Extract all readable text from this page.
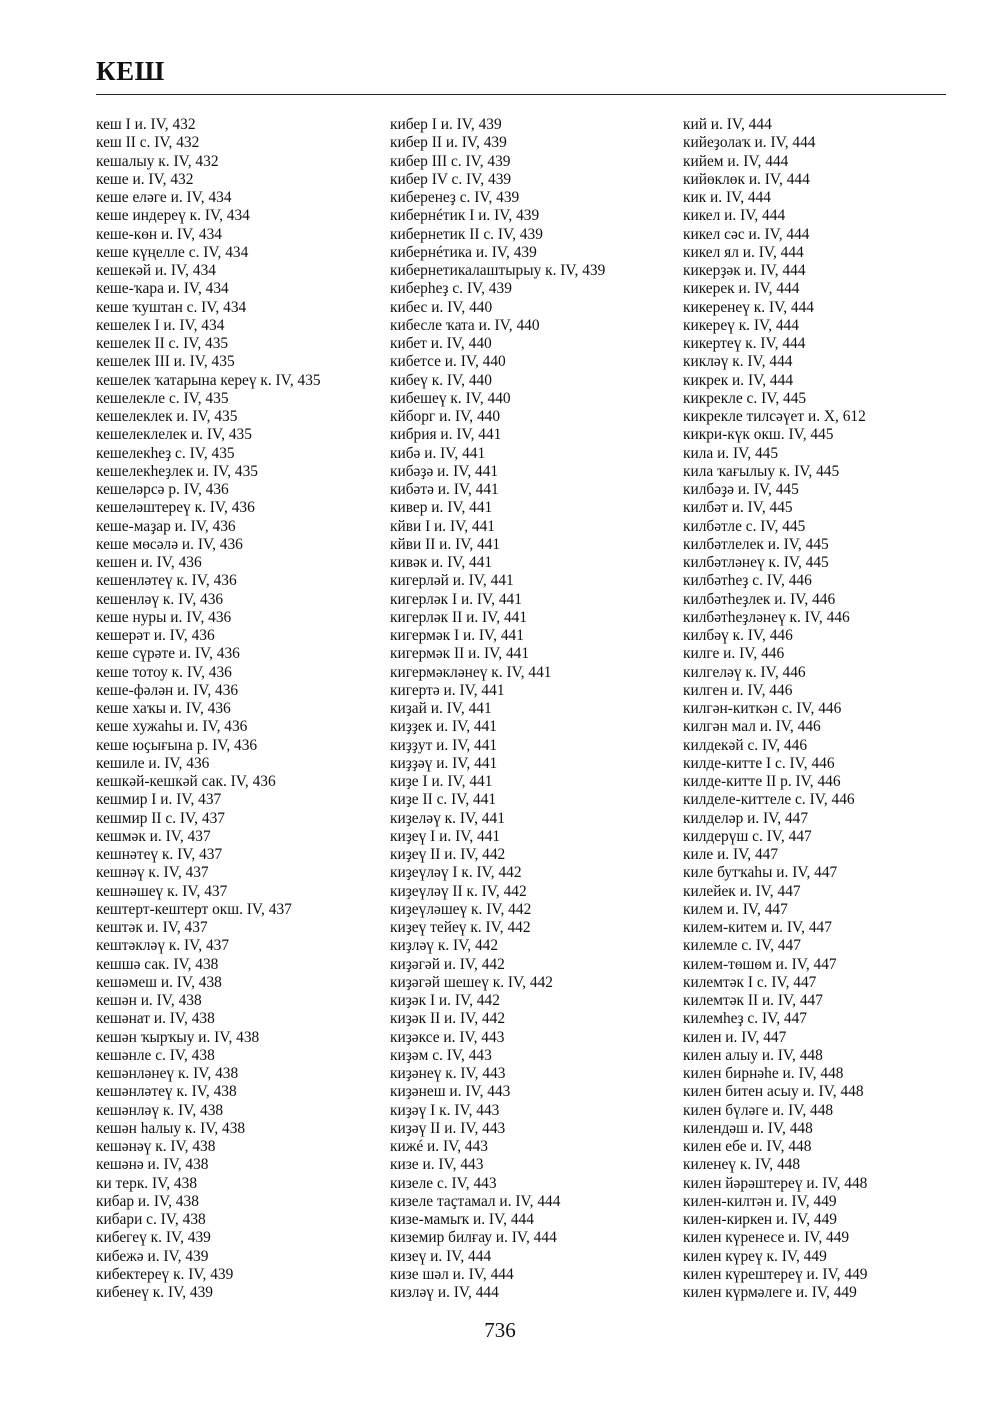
КЕШ
кеш I и. IV, 432
кеш II с. IV, 432
кешалыу к. IV, 432
кеше и. IV, 432
кеше еләге и. IV, 434
кеше индереү к. IV, 434
кеше-көн и. IV, 434
кеше күңелле с. IV, 434
кешекәй и. IV, 434
кеше-ҡара и. IV, 434
кеше ҡуштан с. IV, 434
кешелек I и. IV, 434
кешелек II с. IV, 435
кешелек III и. IV, 435
кешелек ҡатарына кереү к. IV, 435
кешелекле с. IV, 435
кешелеклек и. IV, 435
кешелеклелек и. IV, 435
кешелекһеҙ с. IV, 435
кешелекһеҙлек и. IV, 435
кешеләрсә р. IV, 436
кешеләштереү к. IV, 436
кеше-маҙар и. IV, 436
кеше мөсәлә и. IV, 436
кешен и. IV, 436
кешенләтеү к. IV, 436
кешенләү к. IV, 436
кеше нуры и. IV, 436
кешерәт и. IV, 436
кеше сүрәте и. IV, 436
кеше тотоу к. IV, 436
кеше-фәлән и. IV, 436
кеше хаҡы и. IV, 436
кеше хужаһы и. IV, 436
кеше юҫығына р. IV, 436
кешиле и. IV, 436
кешкәй-кешкәй сак. IV, 436
кешмир I и. IV, 437
кешмир II с. IV, 437
кешмәк и. IV, 437
кешнәтеү к. IV, 437
кешнәү к. IV, 437
кешнәшеү к. IV, 437
кештерт-кештерт окш. IV, 437
кештәк и. IV, 437
кештәкләү к. IV, 437
кешшә сак. IV, 438
кешәмеш и. IV, 438
кешән и. IV, 438
кешәнат и. IV, 438
кешән ҡырҡыу и. IV, 438
кешәнле с. IV, 438
кешәнләнеү к. IV, 438
кешәнләтеү к. IV, 438
кешәнләү к. IV, 438
кешән һалыу к. IV, 438
кешәнәү к. IV, 438
кешәнә и. IV, 438
ки терк. IV, 438
кибар и. IV, 438
кибари с. IV, 438
кибегеү к. IV, 439
кибежә и. IV, 439
кибектереү к. IV, 439
кибенеү к. IV, 439
кибер I и. IV, 439
кибер II и. IV, 439
кибер III с. IV, 439
кибер IV с. IV, 439
киберенеҙ с. IV, 439
кибернéтик I и. IV, 439
кибернетик II с. IV, 439
кибернéтика и. IV, 439
кибернетикалаштырыу к. IV, 439
киберһеҙ с. IV, 439
кибес и. IV, 440
кибесле ҡата и. IV, 440
кибет и. IV, 440
кибетсе и. IV, 440
кибеү к. IV, 440
кибешеү к. IV, 440
кйборг и. IV, 440
кибрия и. IV, 441
кибә и. IV, 441
кибәҙә и. IV, 441
кибәтә и. IV, 441
кивер и. IV, 441
кйви I и. IV, 441
кйви II и. IV, 441
кивәк и. IV, 441
кигерләй и. IV, 441
кигерләк I и. IV, 441
кигерләк II и. IV, 441
кигермәк I и. IV, 441
кигермәк II и. IV, 441
кигермәкләнеү к. IV, 441
кигертә и. IV, 441
киҙай и. IV, 441
киҙҙек и. IV, 441
киҙҙут и. IV, 441
киҙҙәү и. IV, 441
киҙе I и. IV, 441
киҙе II с. IV, 441
киҙеләү к. IV, 441
киҙеү I и. IV, 441
киҙеү II и. IV, 442
киҙеүләү I к. IV, 442
киҙеүләү II к. IV, 442
киҙеүләшеү к. IV, 442
киҙеү тейеү к. IV, 442
киҙләү к. IV, 442
киҙәгәй и. IV, 442
киҙәгәй шешеү к. IV, 442
киҙәк I и. IV, 442
киҙәк II и. IV, 442
киҙәксе и. IV, 443
киҙәм с. IV, 443
киҙәнеү к. IV, 443
киҙәнеш и. IV, 443
киҙәү I к. IV, 443
киҙәү II и. IV, 443
кижé и. IV, 443
кизе и. IV, 443
кизеле с. IV, 443
кизеле таҫтамал и. IV, 444
кизе-мамыҡ и. IV, 444
киземир билғау и. IV, 444
кизеү и. IV, 444
кизе шәл и. IV, 444
кизләү и. IV, 444
кий и. IV, 444
кийеҙолаҡ и. IV, 444
кийем и. IV, 444
кийөклөк и. IV, 444
кик и. IV, 444
кикел и. IV, 444
кикел сәс и. IV, 444
кикел ял и. IV, 444
кикерҙәк и. IV, 444
кикерек и. IV, 444
кикеренеү к. IV, 444
кикереү к. IV, 444
кикертеү к. IV, 444
кикләү к. IV, 444
кикрек и. IV, 444
кикрекле с. IV, 445
кикрекле тилсәүет и. X, 612
кикри-күк окш. IV, 445
кила и. IV, 445
кила ҡағылыу к. IV, 445
килбәҙә и. IV, 445
килбәт и. IV, 445
килбәтле с. IV, 445
килбәтлелек и. IV, 445
килбәтләнеү к. IV, 445
килбәтһеҙ с. IV, 446
килбәтһеҙлек и. IV, 446
килбәтһеҙләнеү к. IV, 446
килбәү к. IV, 446
килге и. IV, 446
килгеләү к. IV, 446
килген и. IV, 446
килгән-киткән с. IV, 446
килгән мал и. IV, 446
килдекәй с. IV, 446
килде-китте I с. IV, 446
килде-китте II р. IV, 446
килделе-киттеле с. IV, 446
килделәр и. IV, 447
килдерүш с. IV, 447
киле и. IV, 447
киле бутҡаһы и. IV, 447
килейек и. IV, 447
килем и. IV, 447
килем-китем и. IV, 447
килемле с. IV, 447
килем-төшөм и. IV, 447
килемтәк I с. IV, 447
килемтәк II и. IV, 447
килемһеҙ с. IV, 447
килен и. IV, 447
килен алыу и. IV, 448
килен бирнәһе и. IV, 448
килен битен асыу и. IV, 448
килен бүләге и. IV, 448
килендәш и. IV, 448
килен ебе и. IV, 448
киленеү к. IV, 448
килен йәрәштереү и. IV, 448
килен-килтән и. IV, 449
килен-киркен и. IV, 449
килен күренесе и. IV, 449
килен күреү к. IV, 449
килен күрештереү и. IV, 449
килен күрмәлеге и. IV, 449
736
